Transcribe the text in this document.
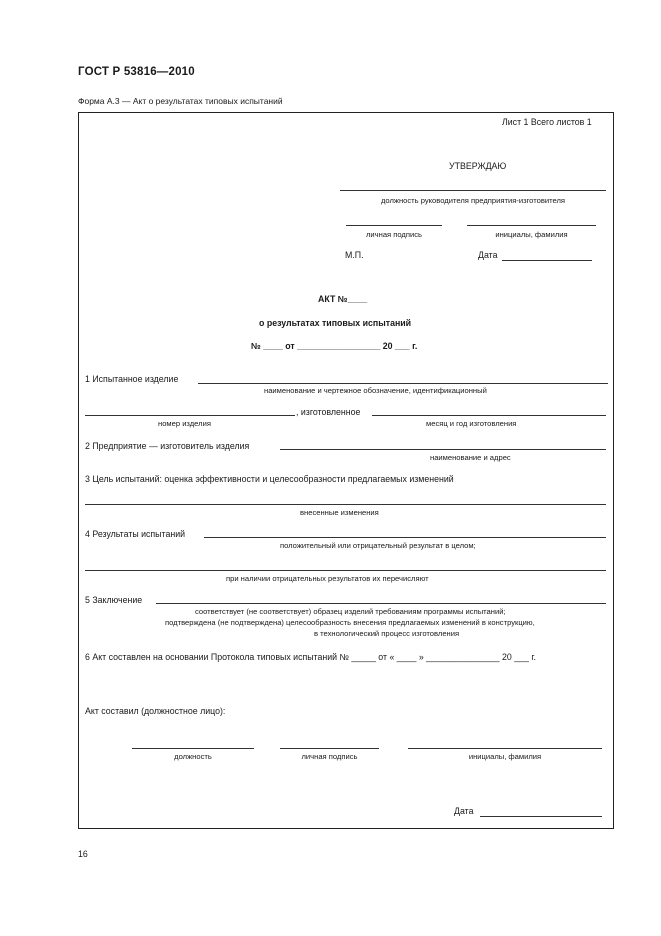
ГОСТ Р 53816—2010
Форма А.3 — Акт о результатах типовых испытаний
Лист 1 Всего листов 1
УТВЕРЖДАЮ
должность руководителя предприятия-изготовителя
личная подпись	инициалы, фамилия
М.П.	Дата
АКТ №____
о результатах типовых испытаний
№ ____ от _________________ 20 ___ г.
1 Испытанное изделие
наименование и чертежное обозначение, идентификационный
, изготовленное
номер изделия	месяц и год изготовления
2 Предприятие — изготовитель изделия
наименование и адрес
3 Цель испытаний: оценка эффективности и целесообразности предлагаемых изменений
внесенные изменения
4 Результаты испытаний
положительный или отрицательный результат в целом;
при наличии отрицательных результатов их перечисляют
5 Заключение
соответствует (не соответствует) образец изделий требованиям программы испытаний;
подтверждена (не подтверждена) целесообразность внесения предлагаемых изменений в конструкцию,
в технологический процесс изготовления
6 Акт составлен на основании Протокола типовых испытаний № _____ от « ____ » _______________ 20 ___ г.
Акт составил (должностное лицо):
должность	личная подпись	инициалы, фамилия
Дата
16
